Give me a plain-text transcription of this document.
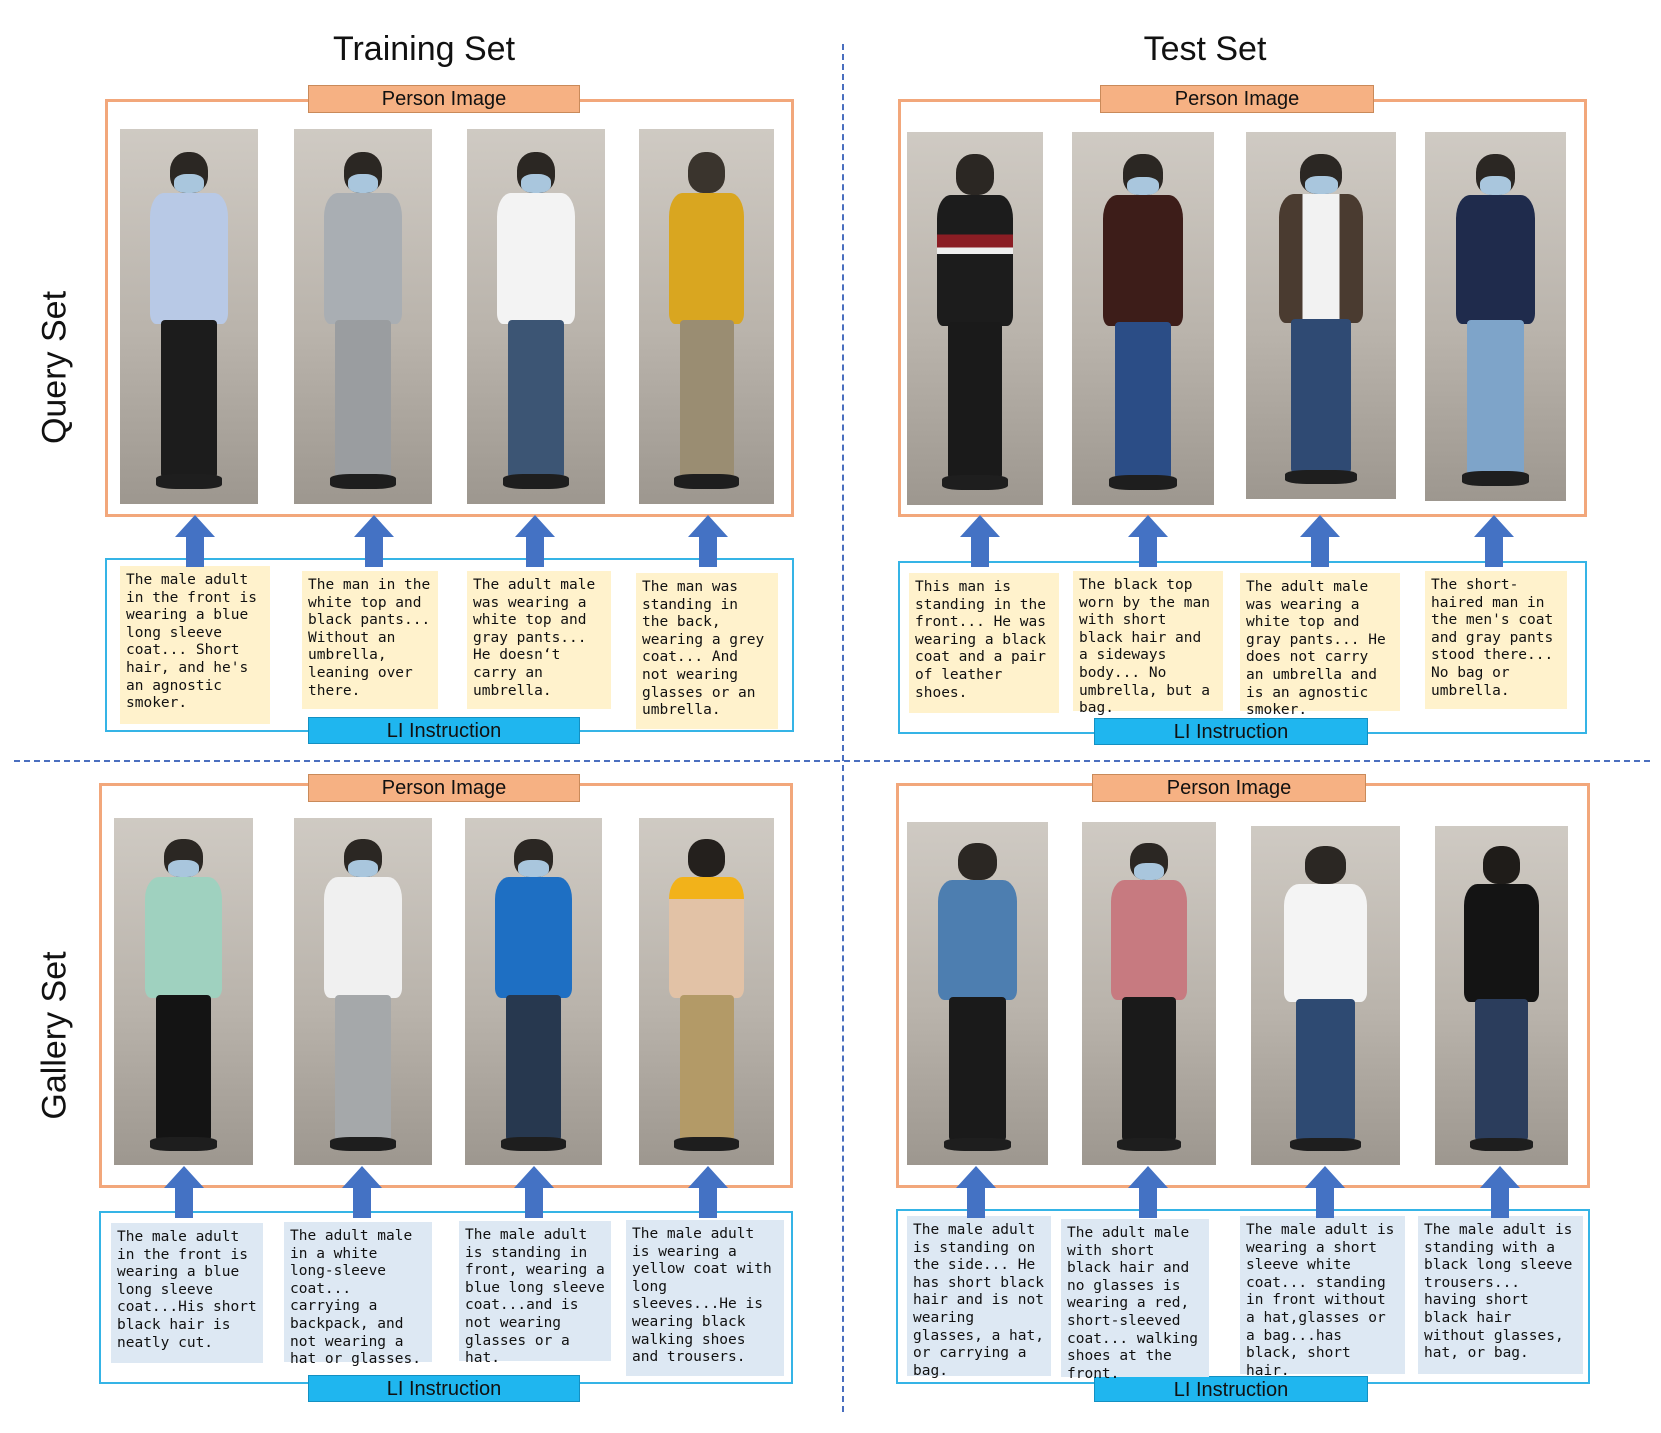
Training Set	Test Set
Query Set
Gallery Set
Person Image
LI Instruction
The male adult in the front is wearing a blue long sleeve coat... Short hair, and he's an agnostic smoker.
The man in the white top and black pants... Without an umbrella, leaning over there.
The adult male was wearing a white top and gray pants... He doesn‘t carry an umbrella.
The man was standing in the back, wearing a grey coat... And not wearing glasses or an umbrella.
Person Image
LI Instruction
This man is standing in the front... He was wearing a black coat and a pair of leather shoes.
The black top worn by the man with short black hair and a sideways body... No umbrella, but a bag.
The adult male was wearing a white top and gray pants... He does not carry an umbrella and is an agnostic smoker.
The short-haired man in the men's coat and gray pants stood there... No bag or umbrella.
Person Image
LI Instruction
The male adult in the front is wearing a blue long sleeve coat...His short black hair is neatly cut.
The adult male in a white long-sleeve coat... carrying a backpack, and not wearing a hat or glasses.
The male adult is standing in front, wearing a blue long sleeve coat...and is not wearing glasses or a hat.
The male adult is wearing a yellow coat with long sleeves...He is wearing black walking shoes and trousers.
Person Image
LI Instruction
The male adult is standing on the side... He has short black hair and is not wearing glasses, a hat, or carrying a bag.
The adult male with short black hair and no glasses is wearing a red, short-sleeved coat... walking shoes at the front.
The male adult is wearing a short sleeve white coat... standing in front without a hat,glasses or a bag...has black, short hair.
The male adult is standing with a black long sleeve trousers... having short black hair without glasses, hat, or bag.
